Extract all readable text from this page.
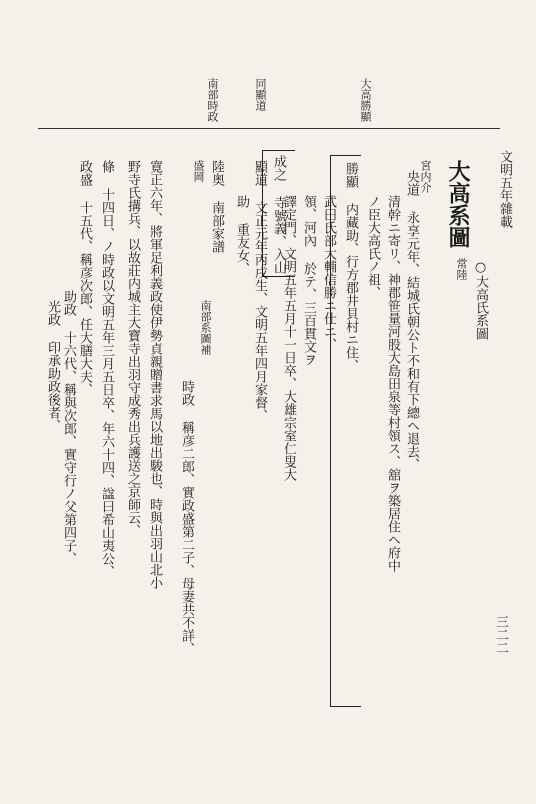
文明五年雜載
三二二
大高勝顯
同顯道
南部時政
○大高氏系圖
常陸
大高系圖
宮内介
央道 永享元年、結城氏朝公ト不和有下總ヘ退去、
清幹ニ寄リ、神郡笹量河股大島田泉等村領ス、舘ヲ築居住ヘ府中
ノ臣大高氏ノ祖、
勝顯 内藏助、行方郡井貝村ニ住、
武田氏部大輔信勝ニ仕エ、
領、河內 於テ、三百貫文ヲ
譯定門、文明五年五月十一日卒、大雄宗室仁叟大
成之 寺號義、入山
顯道 文正元年丙戌生、文明五年四月家督、
助 重友女、
陸奥 南部家譜
盛岡
南部系圖補
時政 稱彦二郎、實政盛第二子、母妻共不詳、
寛正六年、將軍足利義政使伊勢貞親贈書求馬以地出駿也、時與出羽山北小
野寺氏搆兵、以故莊内城主大寶寺出羽守成秀出兵護送之京師云、
條 十四日、ノ時政以文明五年三月五日卒、年六十四、諡曰希山夷公、
政盛 十五代、稱彦次郎、任大膳大夫、
助政 十六代、稱與次郎、實守行ノ父第四子、
光政 印承助政後者、
